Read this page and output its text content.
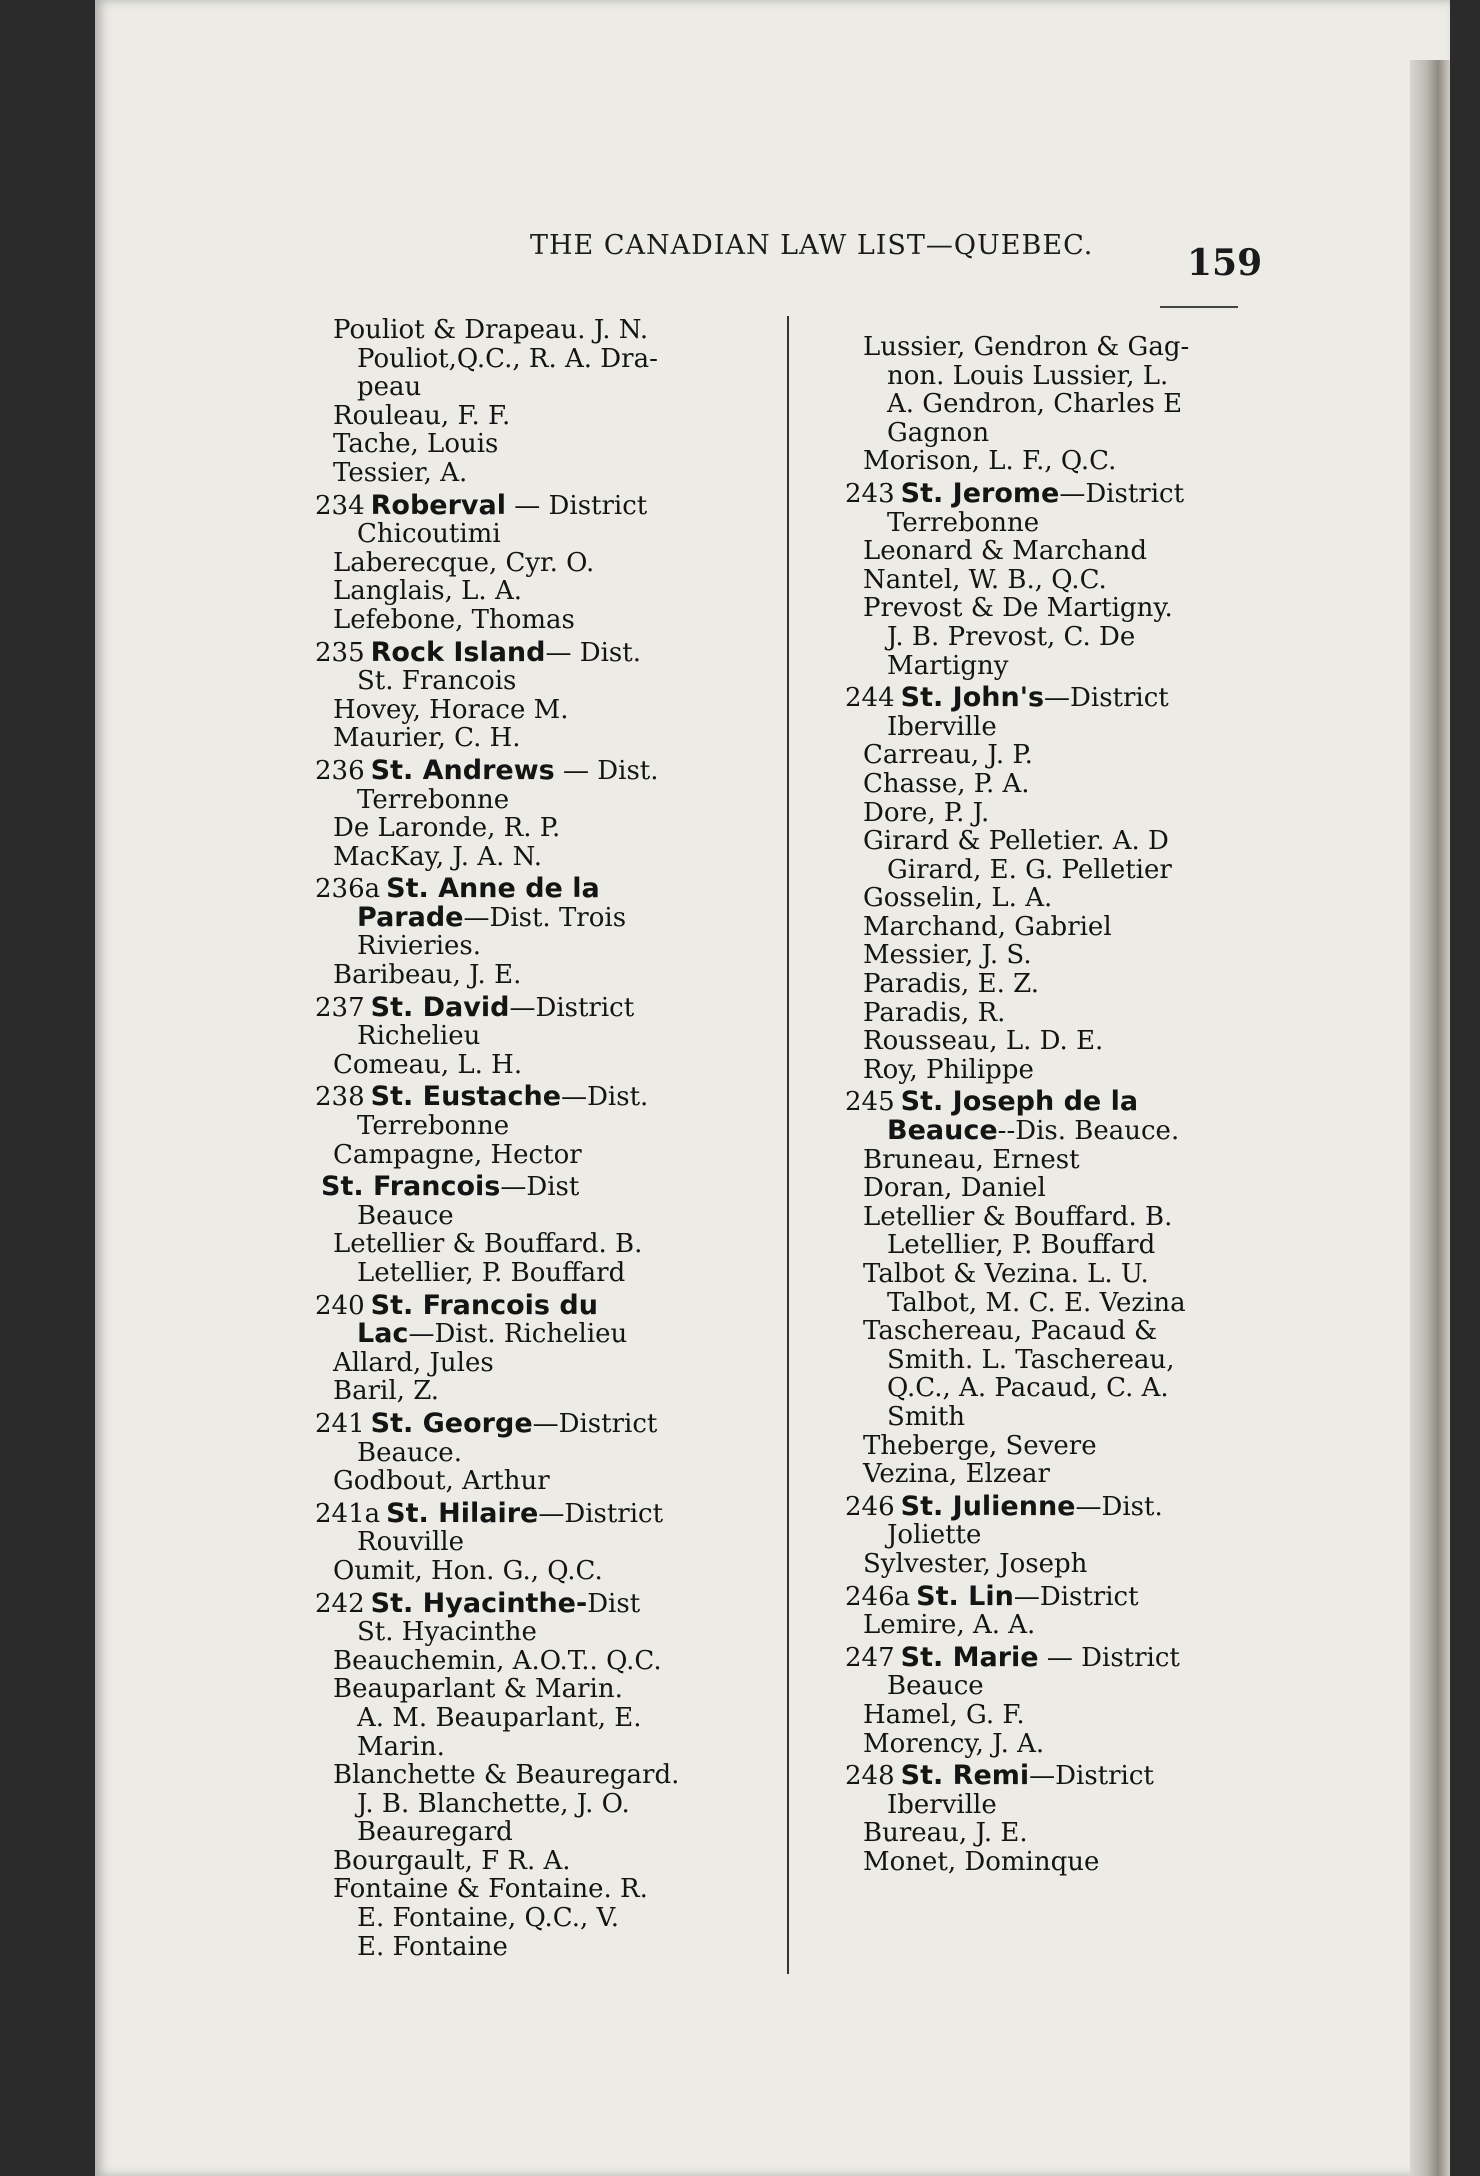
THE CANADIAN LAW LIST—QUEBEC.	159
Pouliot & Drapeau. J. N.
Pouliot,Q.C., R. A. Dra-
peau
Rouleau, F. F.
Tache, Louis
Tessier, A.
234 Roberval — District
Chicoutimi
Laberecque, Cyr. O.
Langlais, L. A.
Lefebone, Thomas
235 Rock Island— Dist.
St. Francois
Hovey, Horace M.
Maurier, C. H.
236 St. Andrews — Dist.
Terrebonne
De Laronde, R. P.
MacKay, J. A. N.
236a St. Anne de la
Parade—Dist. Trois
Rivieries.
Baribeau, J. E.
237 St. David—District
Richelieu
Comeau, L. H.
238 St. Eustache—Dist.
Terrebonne
Campagne, Hector
St. Francois—Dist
Beauce
Letellier & Bouffard. B.
Letellier, P. Bouffard
240 St. Francois du
Lac—Dist. Richelieu
Allard, Jules
Baril, Z.
241 St. George—District
Beauce.
Godbout, Arthur
241a St. Hilaire—District
Rouville
Oumit, Hon. G., Q.C.
242 St. Hyacinthe-Dist
St. Hyacinthe
Beauchemin, A.O.T.. Q.C.
Beauparlant & Marin.
A. M. Beauparlant, E.
Marin.
Blanchette & Beauregard.
J. B. Blanchette, J. O.
Beauregard
Bourgault, F R. A.
Fontaine & Fontaine. R.
E. Fontaine, Q.C., V.
E. Fontaine
Lussier, Gendron & Gag-
non. Louis Lussier, L.
A. Gendron, Charles E
Gagnon
Morison, L. F., Q.C.
243 St. Jerome—District
Terrebonne
Leonard & Marchand
Nantel, W. B., Q.C.
Prevost & De Martigny.
J. B. Prevost, C. De
Martigny
244 St. John's—District
Iberville
Carreau, J. P.
Chasse, P. A.
Dore, P. J.
Girard & Pelletier. A. D
Girard, E. G. Pelletier
Gosselin, L. A.
Marchand, Gabriel
Messier, J. S.
Paradis, E. Z.
Paradis, R.
Rousseau, L. D. E.
Roy, Philippe
245 St. Joseph de la
Beauce--Dis. Beauce.
Bruneau, Ernest
Doran, Daniel
Letellier & Bouffard. B.
Letellier, P. Bouffard
Talbot & Vezina. L. U.
Talbot, M. C. E. Vezina
Taschereau, Pacaud &
Smith. L. Taschereau,
Q.C., A. Pacaud, C. A.
Smith
Theberge, Severe
Vezina, Elzear
246 St. Julienne—Dist.
Joliette
Sylvester, Joseph
246a St. Lin—District
Lemire, A. A.
247 St. Marie — District
Beauce
Hamel, G. F.
Morency, J. A.
248 St. Remi—District
Iberville
Bureau, J. E.
Monet, Dominque
